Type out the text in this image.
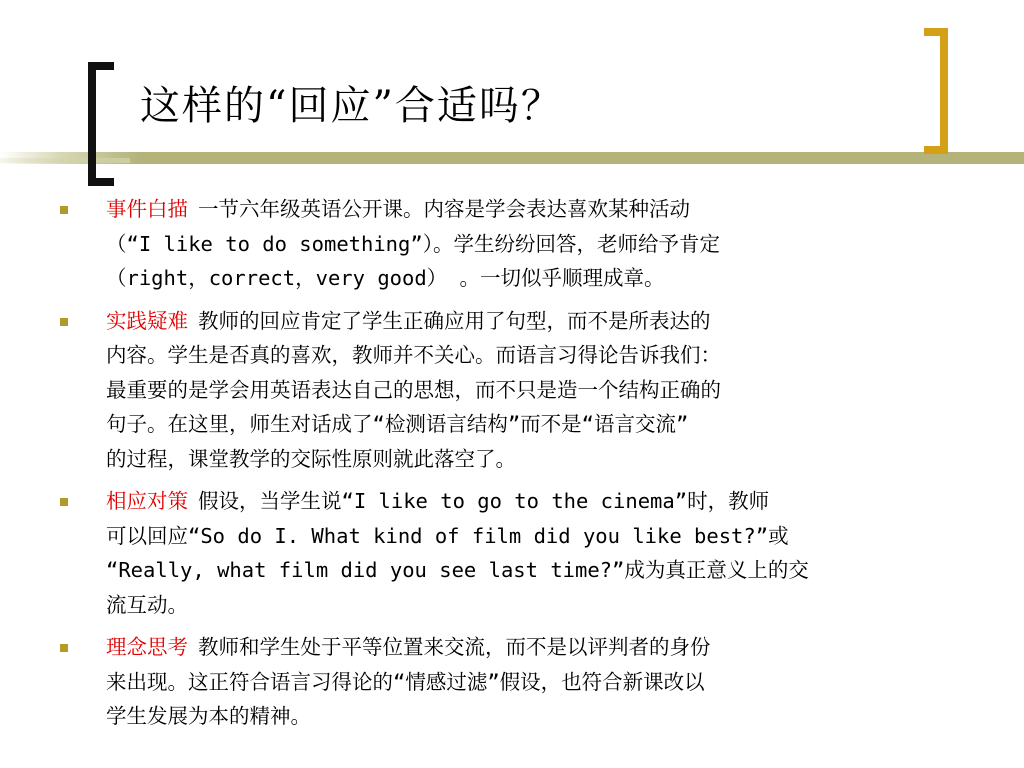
这样的“回应”合适吗？
事件白描 一节六年级英语公开课。内容是学会表达喜欢某种活动
（“I like to do something”）。学生纷纷回答，老师给予肯定
（right，correct，very good） 。一切似乎顺理成章。
实践疑难 教师的回应肯定了学生正确应用了句型，而不是所表达的
内容。学生是否真的喜欢，教师并不关心。而语言习得论告诉我们：
最重要的是学会用英语表达自己的思想，而不只是造一个结构正确的
句子。在这里，师生对话成了“检测语言结构”而不是“语言交流”
的过程，课堂教学的交际性原则就此落空了。
相应对策 假设，当学生说“I like to go to the cinema”时，教师
可以回应“So do I. What kind of film did you like best?”或
“Really, what film did you see last time?”成为真正意义上的交
流互动。
理念思考 教师和学生处于平等位置来交流，而不是以评判者的身份
来出现。这正符合语言习得论的“情感过滤”假设，也符合新课改以
学生发展为本的精神。
